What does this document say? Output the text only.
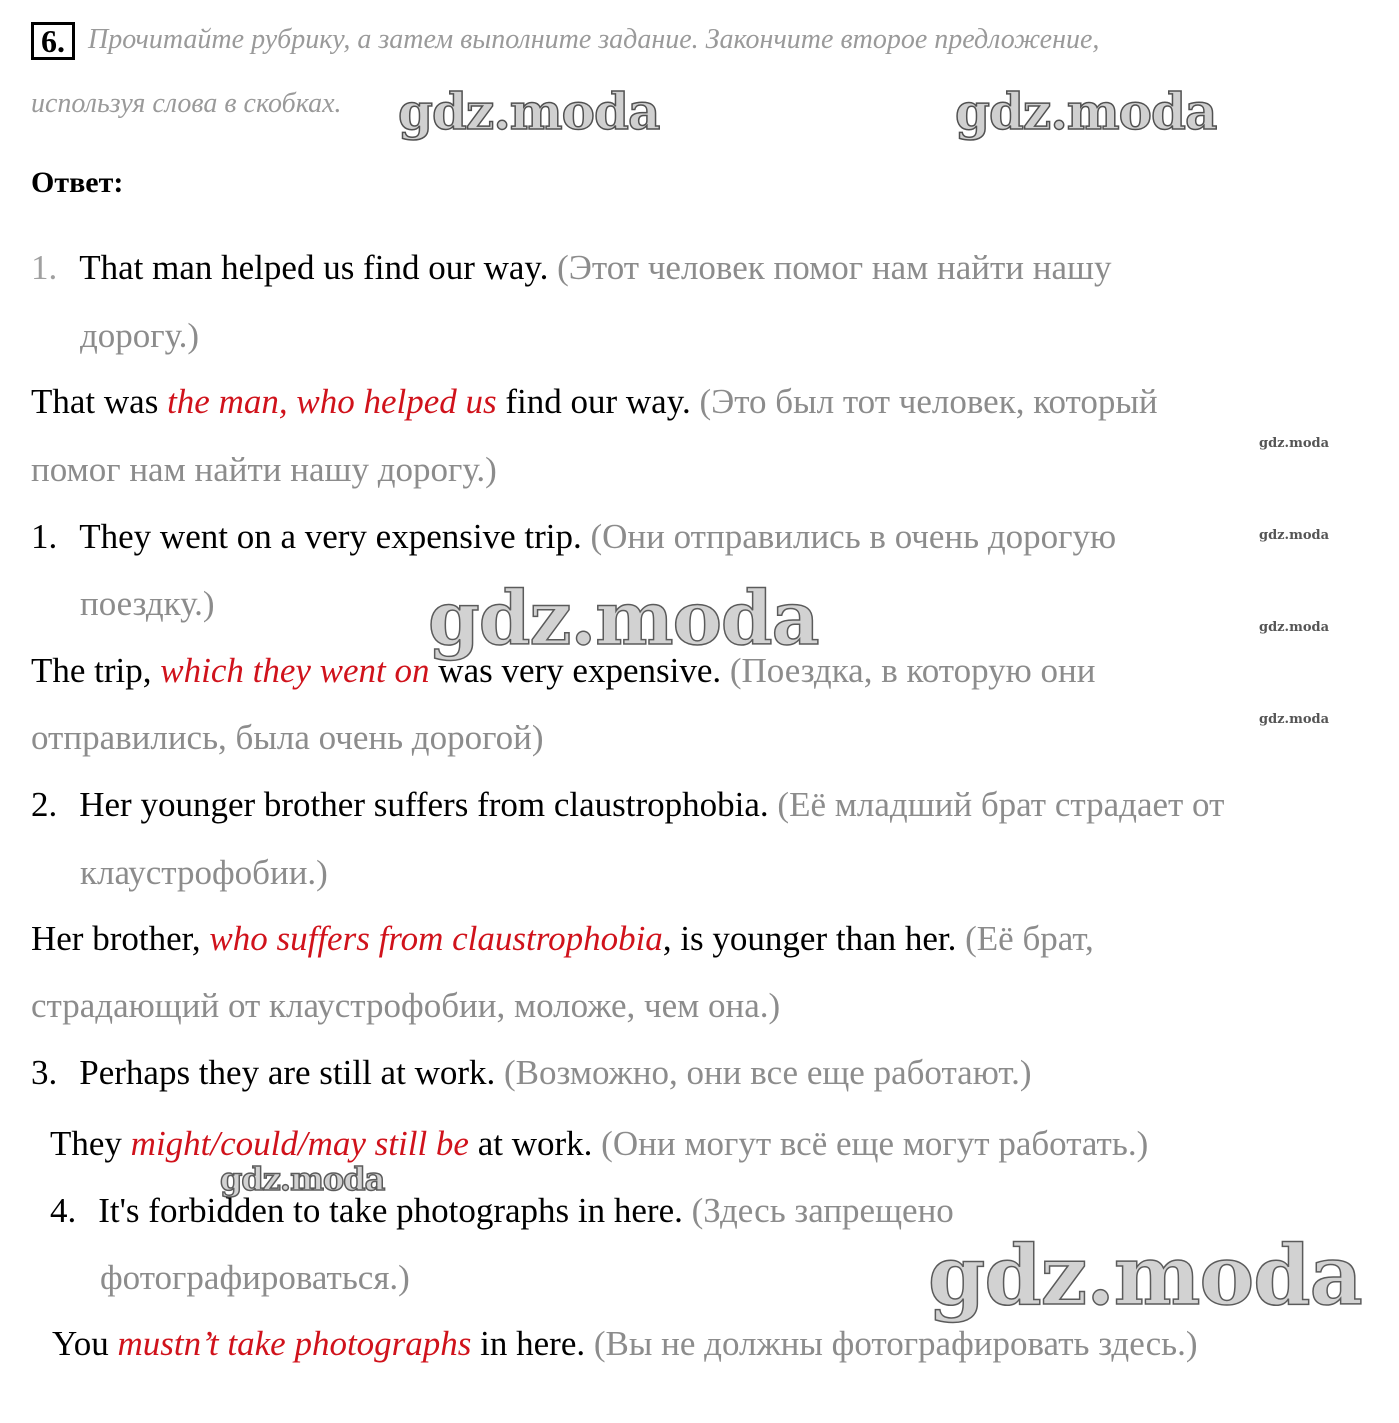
6. Прочитайте рубрику, а затем выполните задание. Закончите второе предложение,
используя слова в скобках.
Ответ:
1. That man helped us find our way. (Этот человек помог нам найти нашу
дорогу.)
That was the man, who helped us find our way. (Это был тот человек, который
помог нам найти нашу дорогу.)
1. They went on a very expensive trip. (Они отправились в очень дорогую
поездку.)
The trip, which they went on was very expensive. (Поездка, в которую они
отправились, была очень дорогой)
2. Her younger brother suffers from claustrophobia. (Её младший брат страдает от
клаустрофобии.)
Her brother, who suffers from claustrophobia, is younger than her. (Её брат,
страдающий от клаустрофобии, моложе, чем она.)
3. Perhaps they are still at work. (Возможно, они все еще работают.)
They might/could/may still be at work. (Они могут всё еще могут работать.)
4. It's forbidden to take photographs in here. (Здесь запрещено
фотографироваться.)
You mustn’t take photographs in here. (Вы не должны фотографировать здесь.)
gdz.moda	gdz.moda
gdz.moda
gdz.moda
gdz.moda
gdz.moda
gdz.moda
gdz.moda
gdz.moda
